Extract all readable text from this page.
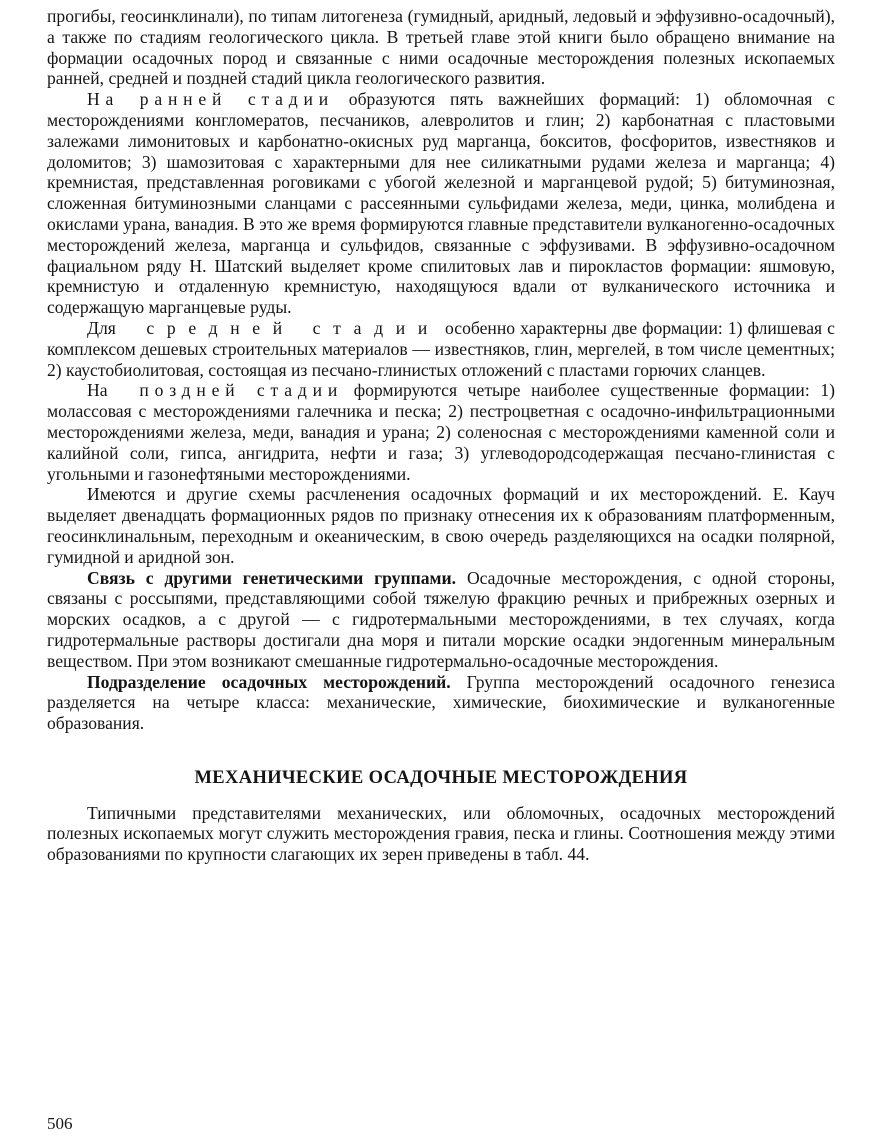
прогибы, геосинклинали), по типам литогенеза (гумидный, аридный, ледовый и эффузивно-осадочный), а также по стадиям геологического цикла. В третьей главе этой книги было обращено внимание на формации осадочных пород и связанные с ними осадочные месторождения полезных ископаемых ранней, средней и поздней стадий цикла геологического развития.

На ранней стадии образуются пять важнейших формаций: 1) обломочная с месторождениями конгломератов, песчаников, алевролитов и глин; 2) карбонатная с пластовыми залежами лимонитовых и карбонатно-окисных руд марганца, бокситов, фосфоритов, известняков и доломитов; 3) шамозитовая с характерными для нее силикатными рудами железа и марганца; 4) кремнистая, представленная роговиками с убогой железной и марганцевой рудой; 5) битуминозная, сложенная битуминозными сланцами с рассеянными сульфидами железа, меди, цинка, молибдена и окислами урана, ванадия. В это же время формируются главные представители вулканогенно-осадочных месторождений железа, марганца и сульфидов, связанные с эффузивами. В эффузивно-осадочном фациальном ряду Н. Шатский выделяет кроме спилитовых лав и пирокластов формации: яшмовую, кремнистую и отдаленную кремнистую, находящуюся вдали от вулканического источника и содержащую марганцевые руды.

Для средней стадии особенно характерны две формации: 1) флишевая с комплексом дешевых строительных материалов — известняков, глин, мергелей, в том числе цементных; 2) каустобиолитовая, состоящая из песчано-глинистых отложений с пластами горючих сланцев.

На поздней стадии формируются четыре наиболее существенные формации: 1) молассовая с месторождениями галечника и песка; 2) пестроцветная с осадочно-инфильтрационными месторождениями железа, меди, ванадия и урана; 2) соленосная с месторождениями каменной соли и калийной соли, гипса, ангидрита, нефти и газа; 3) углеводородсодержащая песчано-глинистая с угольными и газонефтяными месторождениями.

Имеются и другие схемы расчленения осадочных формаций и их месторождений. Е. Кауч выделяет двенадцать формационных рядов по признаку отнесения их к образованиям платформенным, геосинклинальным, переходным и океаническим, в свою очередь разделяющихся на осадки полярной, гумидной и аридной зон.

Связь с другими генетическими группами. Осадочные месторождения, с одной стороны, связаны с россыпями, представляющими собой тяжелую фракцию речных и прибрежных озерных и морских осадков, а с другой — с гидротермальными месторождениями, в тех случаях, когда гидротермальные растворы достигали дна моря и питали морские осадки эндогенным минеральным веществом. При этом возникают смешанные гидротермально-осадочные месторождения.

Подразделение осадочных месторождений. Группа месторождений осадочного генезиса разделяется на четыре класса: механические, химические, биохимические и вулканогенные образования.

МЕХАНИЧЕСКИЕ ОСАДОЧНЫЕ МЕСТОРОЖДЕНИЯ

Типичными представителями механических, или обломочных, осадочных месторождений полезных ископаемых могут служить месторождения гравия, песка и глины. Соотношения между этими образованиями по крупности слагающих их зерен приведены в табл. 44.

506
